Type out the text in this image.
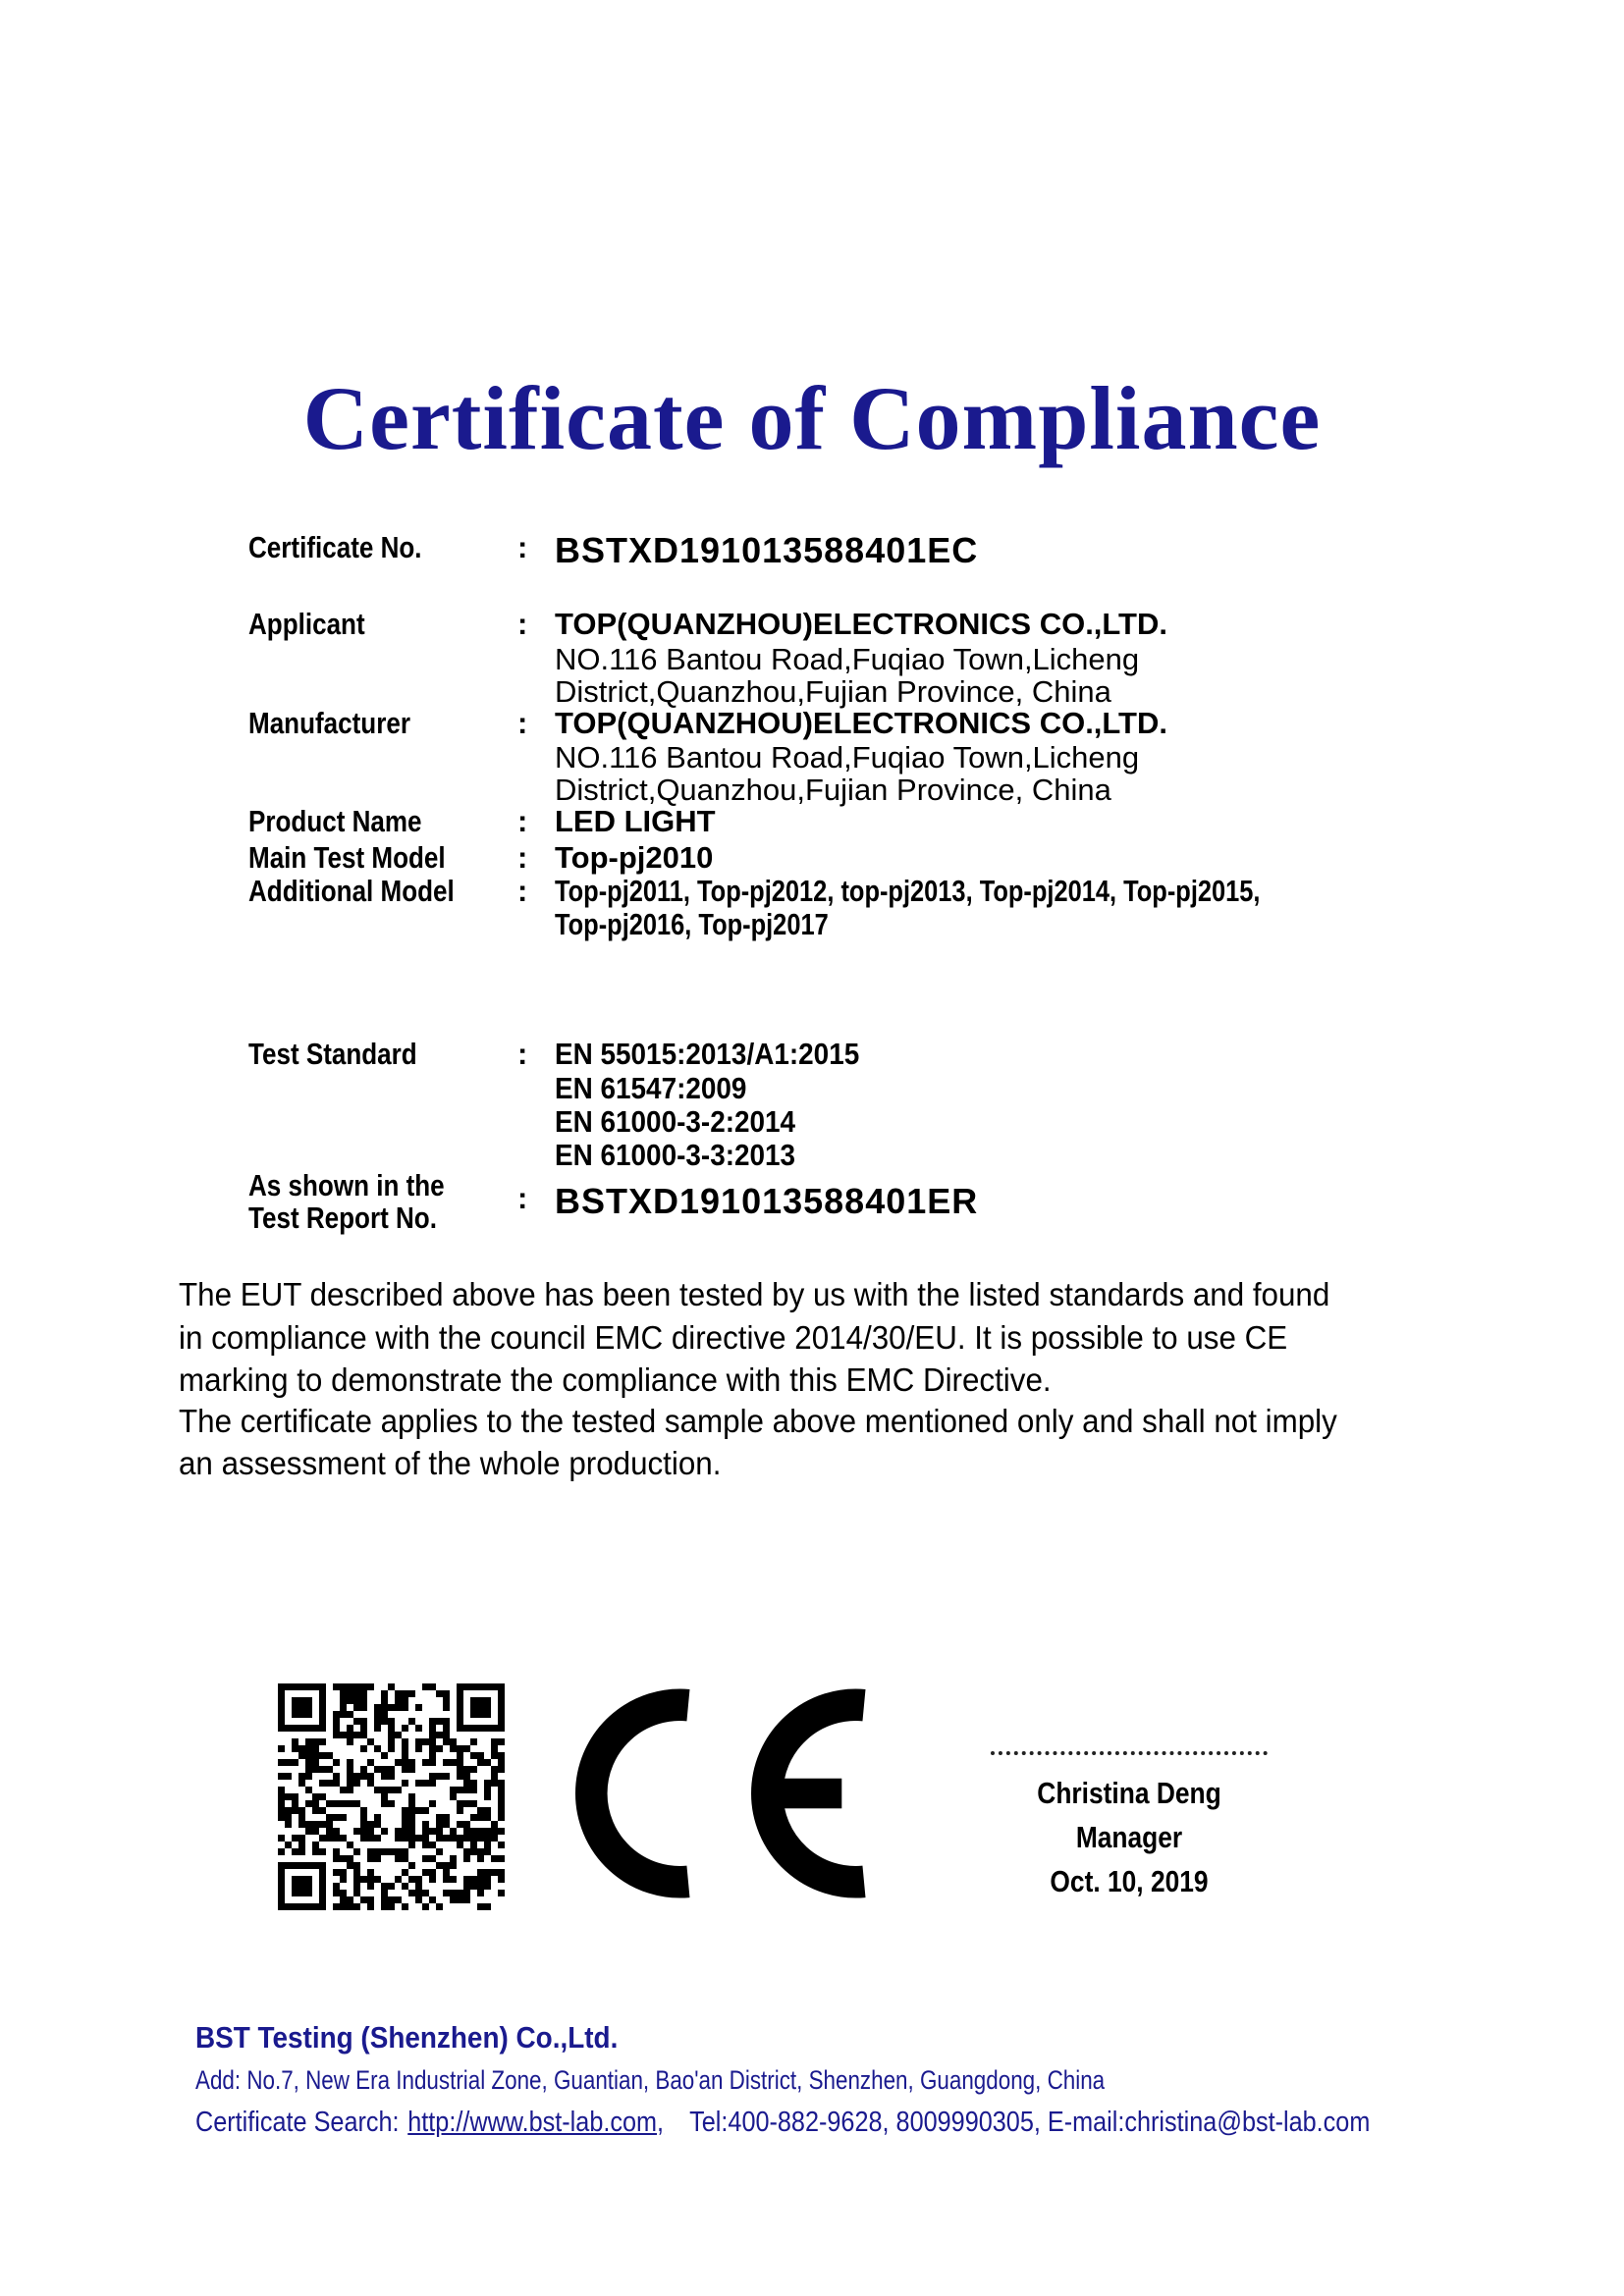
Certificate of Compliance
Certificate No.	: BSTXD191013588401EC
Applicant	: TOP(QUANZHOU)ELECTRONICS CO.,LTD.
NO.116 Bantou Road,Fuqiao Town,Licheng
District,Quanzhou,Fujian Province, China
Manufacturer	: TOP(QUANZHOU)ELECTRONICS CO.,LTD.
NO.116 Bantou Road,Fuqiao Town,Licheng
District,Quanzhou,Fujian Province, China
Product Name	: LED LIGHT
Main Test Model : Top-pj2010
Additional Model : Top-pj2011, Top-pj2012, top-pj2013, Top-pj2014, Top-pj2015,
Top-pj2016, Top-pj2017
Test Standard	: EN 55015:2013/A1:2015
EN 61547:2009
EN 61000-3-2:2014
EN 61000-3-3:2013
As shown in the
Test Report No.
: BSTXD191013588401ER
The EUT described above has been tested by us with the listed standards and found
in compliance with the council EMC directive 2014/30/EU. It is possible to use CE
marking to demonstrate the compliance with this EMC Directive.
The certificate applies to the tested sample above mentioned only and shall not imply
an assessment of the whole production.
Christina Deng
Manager
Oct. 10, 2019
BST Testing (Shenzhen) Co.,Ltd.
Add: No.7, New Era Industrial Zone, Guantian, Bao'an District, Shenzhen, Guangdong, China
Certificate Search: http://www.bst-lab.com, Tel:400-882-9628, 8009990305, E-mail:christina@bst-lab.com
